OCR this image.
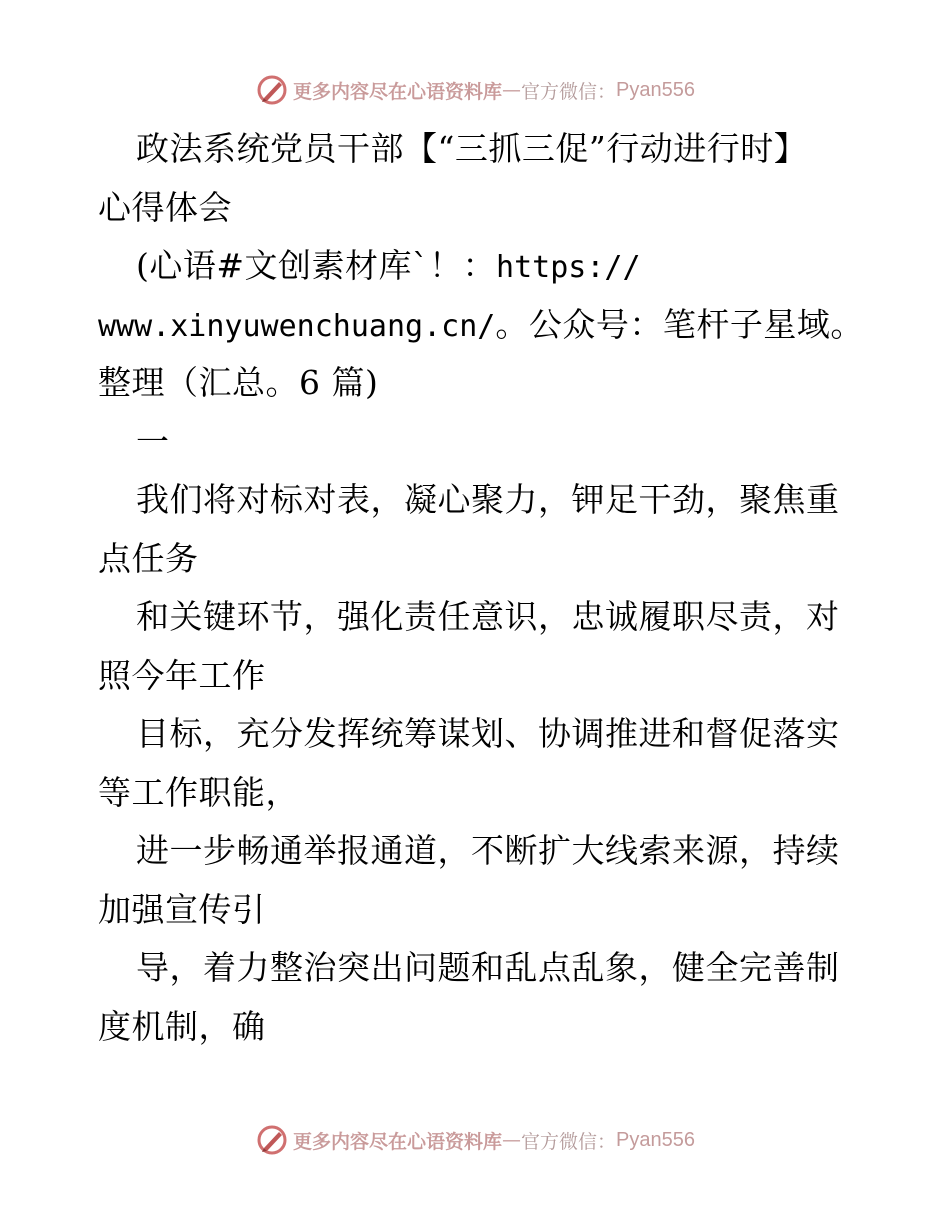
更多内容尽在心语资料库 — 官方微信： Pyan556
政法系统党员干部【“三抓三促”行动进行时】
心得体会
(心语#文创素材库`！：https://
www.xinyuwenchuang.cn/。公众号：笔杆子星域。
整理（汇总。6 篇)
一
我们将对标对表，凝心聚力，钾足干劲，聚焦重
点任务
和关键环节，强化责任意识，忠诚履职尽责，对
照今年工作
目标，充分发挥统筹谋划、协调推进和督促落实
等工作职能，
进一步畅通举报通道，不断扩大线索来源，持续
加强宣传引
导，着力整治突出问题和乱点乱象，健全完善制
度机制，确
更多内容尽在心语资料库 — 官方微信： Pyan556
